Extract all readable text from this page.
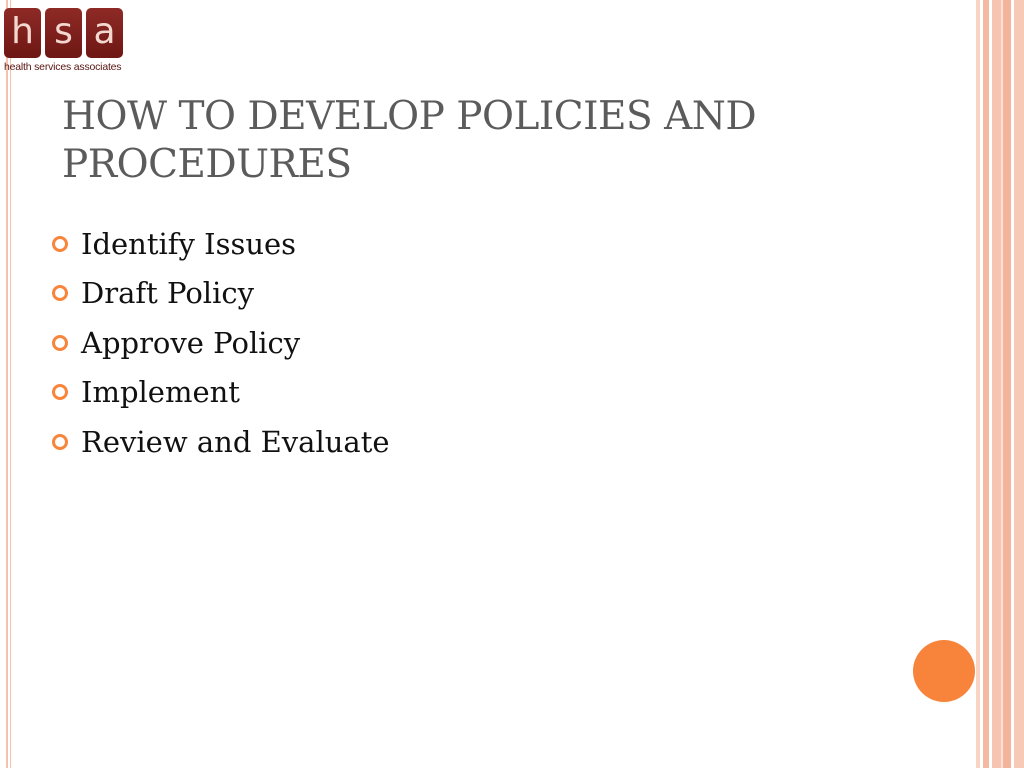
h s a
health services associates
HOW TO DEVELOP POLICIES AND PROCEDURES
Identify Issues
Draft Policy
Approve Policy
Implement
Review and Evaluate
